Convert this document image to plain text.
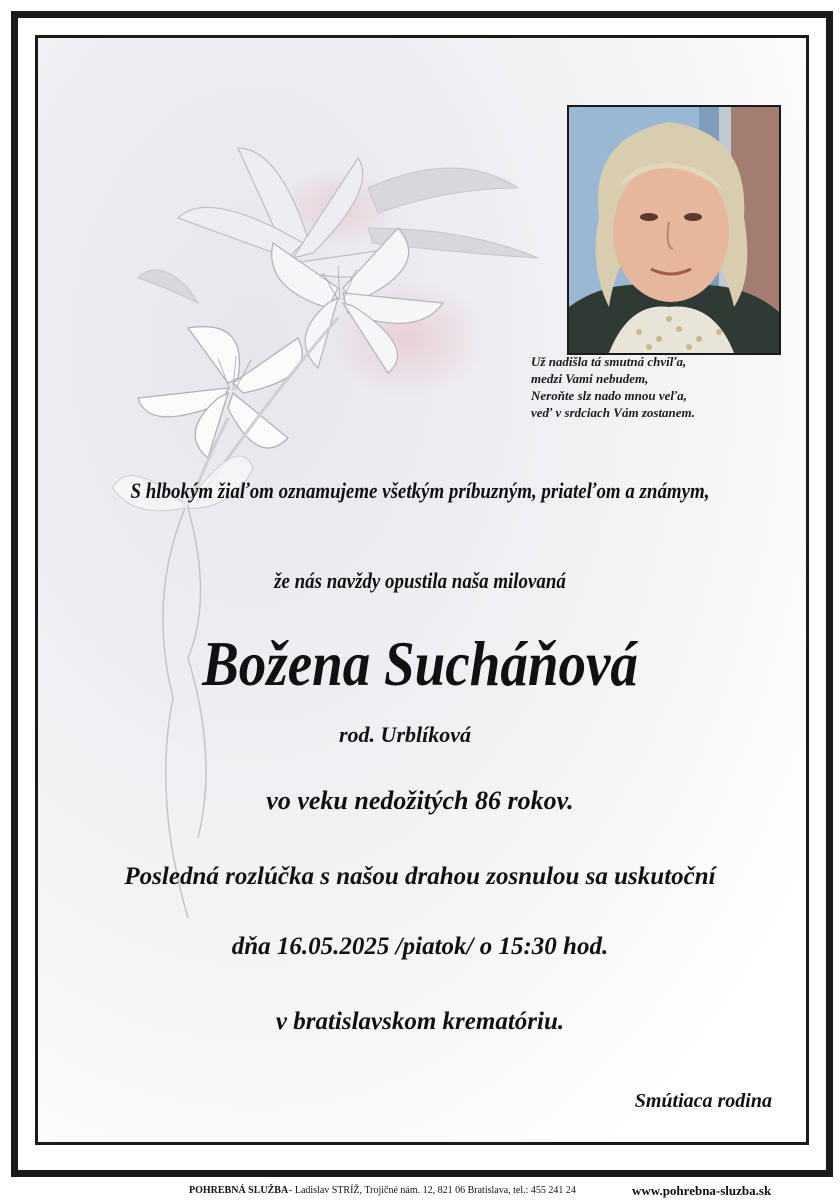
Už nadišla tá smutná chvíľa,
medzi Vami nebudem,
Neroňte slz nado mnou veľa,
veď v srdciach Vám zostanem.
S hlbokým žiaľom oznamujeme všetkým príbuzným, priateľom a známym,
že nás navždy opustila naša milovaná
Božena Sucháňová
rod. Urblíková
vo veku nedožitých 86 rokov.
Posledná rozlúčka s našou drahou zosnulou sa uskutoční
dňa 16.05.2025 /piatok/ o 15:30 hod.
v bratislavskom krematóriu.
Smútiaca rodina
POHREBNÁ SLUŽBA - Ladislav STRÍŽ, Trojičné nám. 12, 821 06 Bratislava, tel.: 455 241 24	www.pohrebna-sluzba.sk
